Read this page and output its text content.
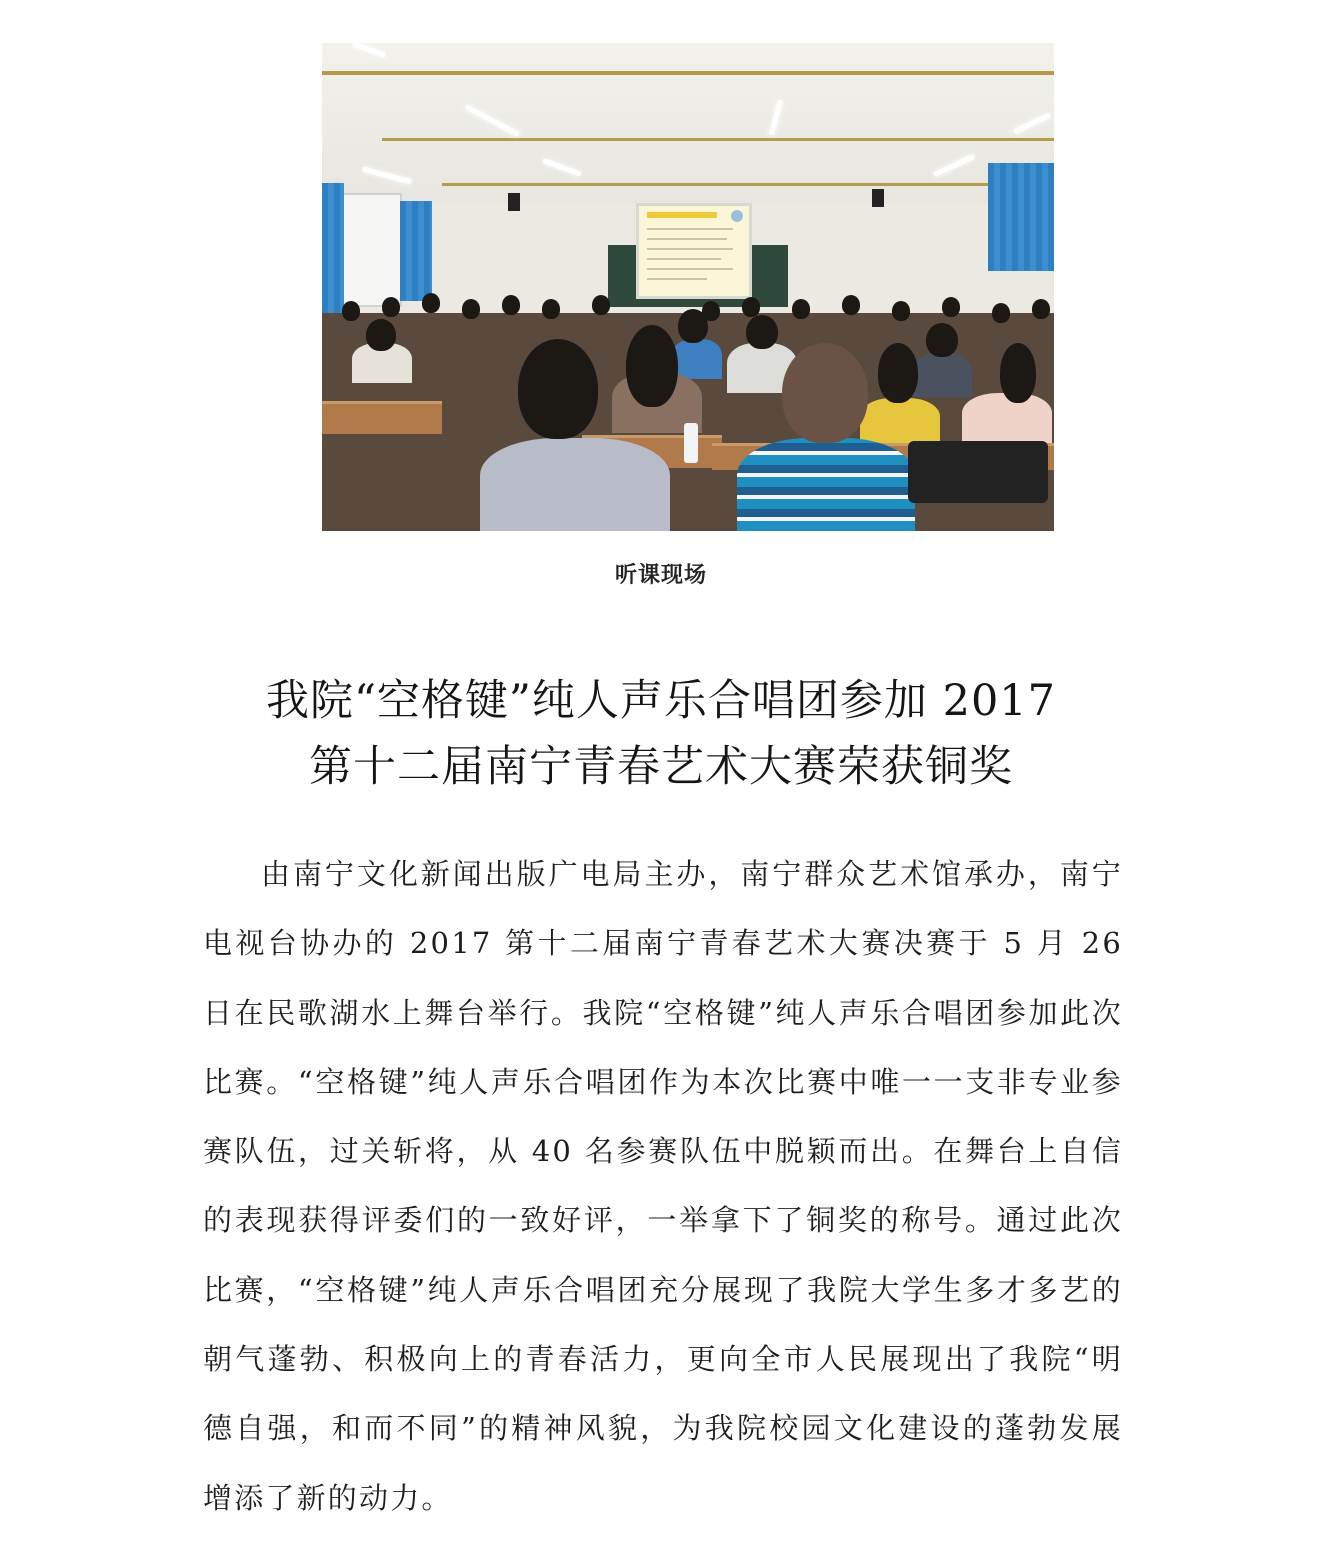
听课现场
我院“空格键”纯人声乐合唱团参加 2017
第十二届南宁青春艺术大赛荣获铜奖

由南宁文化新闻出版广电局主办，南宁群众艺术馆承办，南宁电视台协办的 2017 第十二届南宁青春艺术大赛决赛于 5 月 26 日在民歌湖水上舞台举行。我院“空格键”纯人声乐合唱团参加此次比赛。“空格键”纯人声乐合唱团作为本次比赛中唯一一支非专业参赛队伍，过关斩将，从 40 名参赛队伍中脱颖而出。在舞台上自信的表现获得评委们的一致好评，一举拿下了铜奖的称号。通过此次比赛，“空格键”纯人声乐合唱团充分展现了我院大学生多才多艺的朝气蓬勃、积极向上的青春活力，更向全市人民展现出了我院“明德自强，和而不同”的精神风貌，为我院校园文化建设的蓬勃发展增添了新的动力。
